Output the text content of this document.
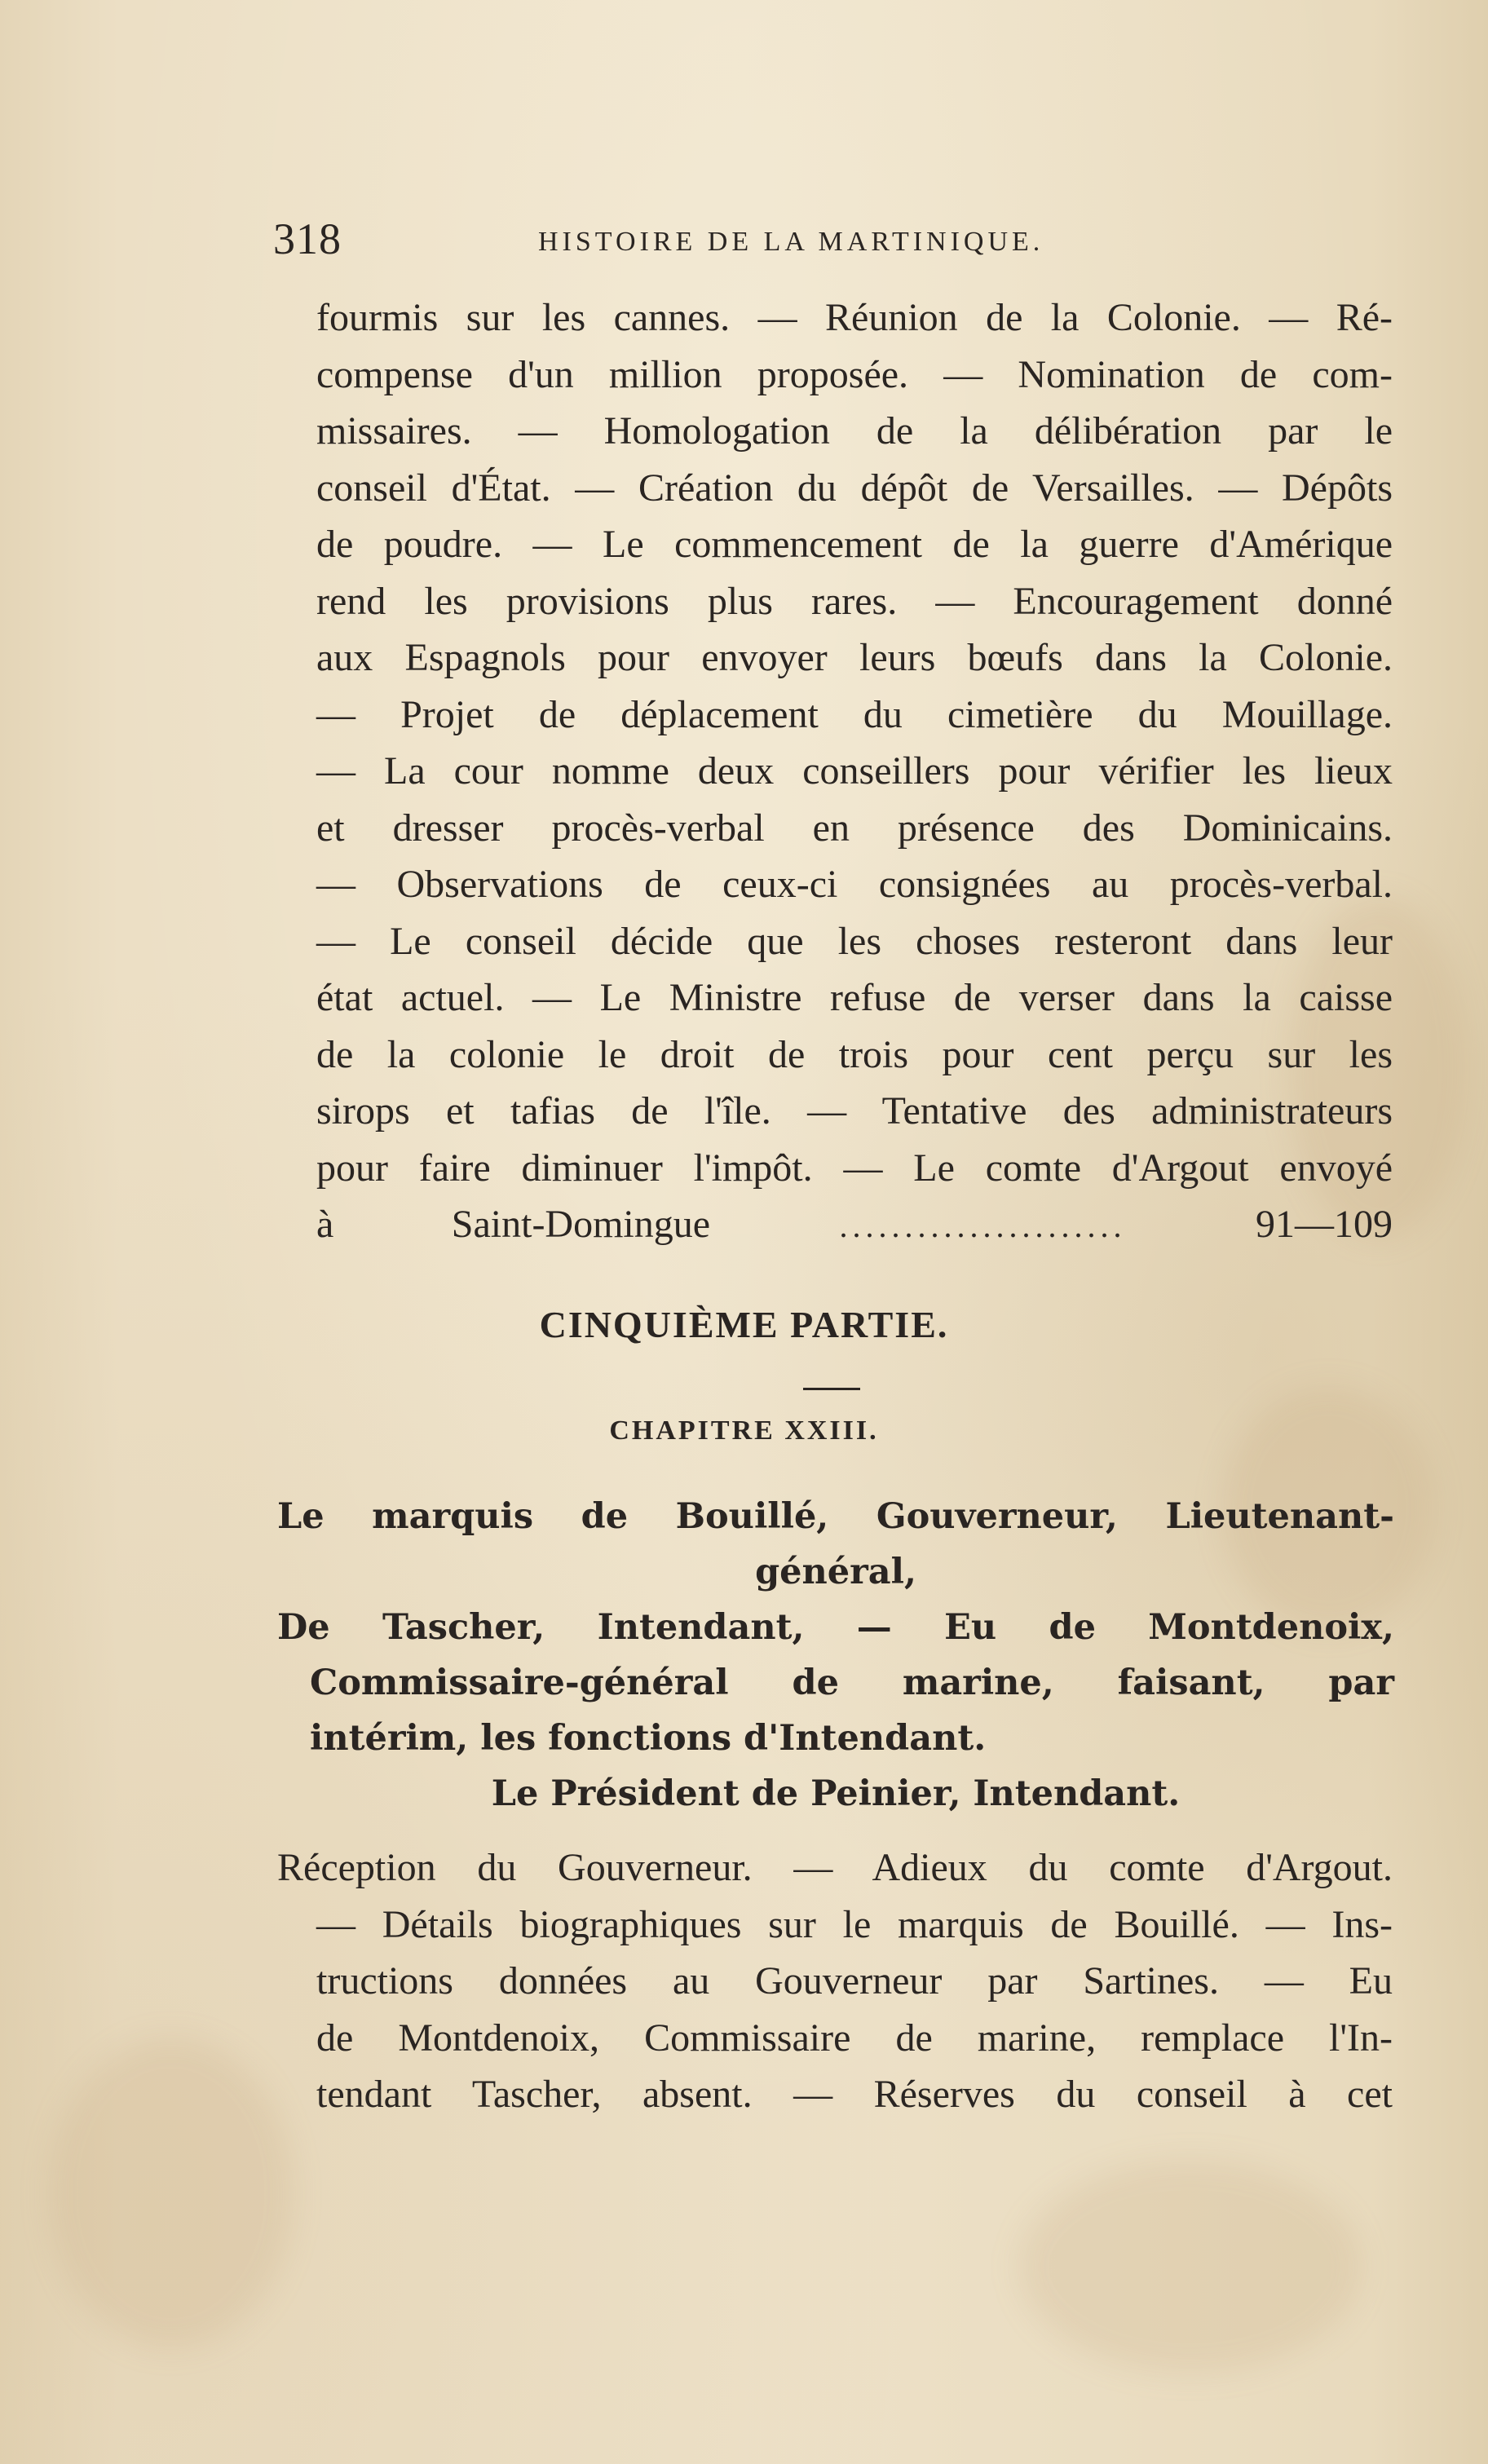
318	HISTOIRE DE LA MARTINIQUE.
fourmis sur les cannes. — Réunion de la Colonie. — Ré-
compense d'un million proposée. — Nomination de com-
missaires. — Homologation de la délibération par le
conseil d'État. — Création du dépôt de Versailles. — Dépôts
de poudre. — Le commencement de la guerre d'Amérique
rend les provisions plus rares. — Encouragement donné
aux Espagnols pour envoyer leurs bœufs dans la Colonie.
— Projet de déplacement du cimetière du Mouillage.
— La cour nomme deux conseillers pour vérifier les lieux
et dresser procès-verbal en présence des Dominicains.
— Observations de ceux-ci consignées au procès-verbal.
— Le conseil décide que les choses resteront dans leur
état actuel. — Le Ministre refuse de verser dans la caisse
de la colonie le droit de trois pour cent perçu sur les
sirops et tafias de l'île. — Tentative des administrateurs
pour faire diminuer l'impôt. — Le comte d'Argout envoyé
à Saint-Domingue	......................	91—109
CINQUIÈME PARTIE.
CHAPITRE XXIII.
Le marquis de Bouillé, Gouverneur, Lieutenant-
général,
De Tascher, Intendant, — Eu de Montdenoix,
Commissaire-général de marine, faisant, par
intérim, les fonctions d'Intendant.
Le Président de Peinier, Intendant.
Réception du Gouverneur. — Adieux du comte d'Argout.
— Détails biographiques sur le marquis de Bouillé. — Ins-
tructions données au Gouverneur par Sartines. — Eu
de Montdenoix, Commissaire de marine, remplace l'In-
tendant Tascher, absent. — Réserves du conseil à cet
